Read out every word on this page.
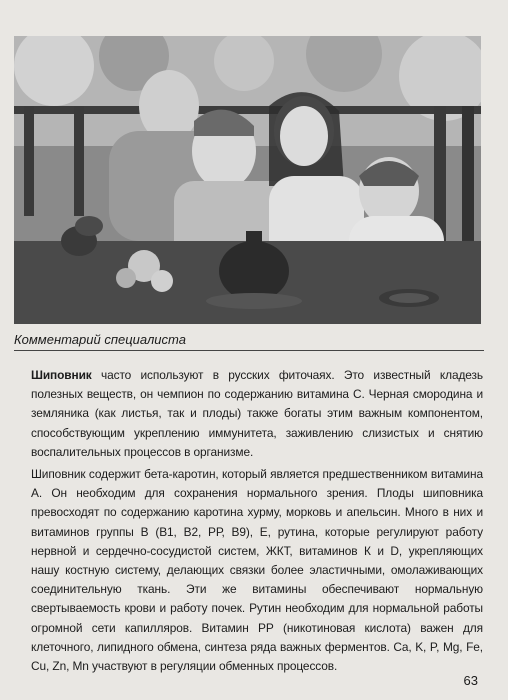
Комментарий специалиста

Шиповник часто используют в русских фиточаях. Это известный кладезь полезных веществ, он чемпион по содержанию витамина С. Черная смородина и земляника (как листья, так и плоды) также богаты этим важным компонентом, способствующим укреплению иммунитета, заживлению слизистых и снятию воспалительных процессов в организме.

Шиповник содержит бета-каротин, который является предшественником витамина А. Он необходим для сохранения нормального зрения. Плоды шиповника превосходят по содержанию каротина хурму, морковь и апельсин. Много в них и витаминов группы В (В1, В2, РР, В9), Е, рутина, которые регулируют работу нервной и сердечно-сосудистой систем, ЖКТ, витаминов К и D, укрепляющих нашу костную систему, делающих связки более эластичными, омолаживающих соединительную ткань. Эти же витамины обеспечивают нормальную свертываемость крови и работу почек. Рутин необходим для нормальной работы огромной сети капилляров. Витамин РР (никотиновая кислота) важен для клеточного, липидного обмена, синтеза ряда важных ферментов. Ca, K, P, Mg, Fe, Cu, Zn, Mn участвуют в регуляции обменных процессов.

63
